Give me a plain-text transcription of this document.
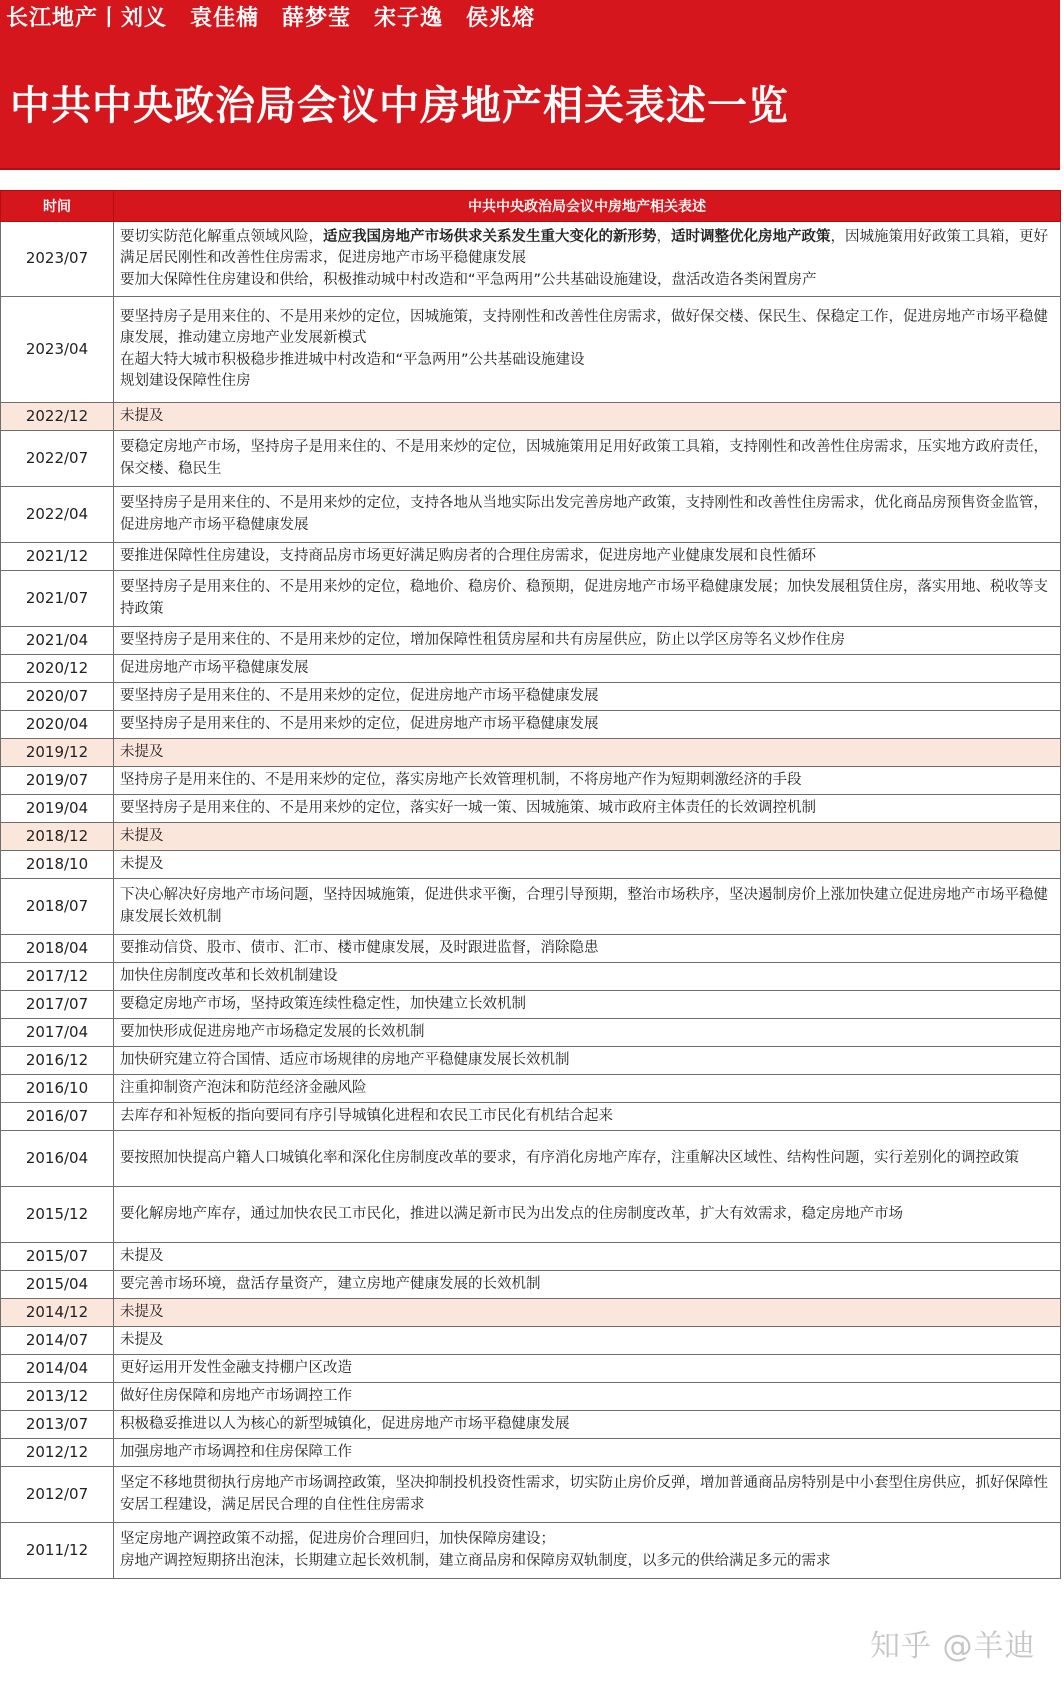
长江地产丨刘义　袁佳楠　薛梦莹　宋子逸　侯兆熔
中共中央政治局会议中房地产相关表述一览
时间	中共中央政治局会议中房地产相关表述
2023/07	要切实防范化解重点领域风险，适应我国房地产市场供求关系发生重大变化的新形势，适时调整优化房地产政策，因城施策用好政策工具箱，更好满足居民刚性和改善性住房需求，促进房地产市场平稳健康发展
要加大保障性住房建设和供给，积极推动城中村改造和“平急两用”公共基础设施建设，盘活改造各类闲置房产

2023/04	要坚持房子是用来住的、不是用来炒的定位，因城施策，支持刚性和改善性住房需求，做好保交楼、保民生、保稳定工作，促进房地产市场平稳健康发展，推动建立房地产业发展新模式
在超大特大城市积极稳步推进城中村改造和“平急两用”公共基础设施建设
规划建设保障性住房

2022/12	未提及

2022/07	要稳定房地产市场，坚持房子是用来住的、不是用来炒的定位，因城施策用足用好政策工具箱，支持刚性和改善性住房需求，压实地方政府责任，保交楼、稳民生

2022/04	要坚持房子是用来住的、不是用来炒的定位，支持各地从当地实际出发完善房地产政策，支持刚性和改善性住房需求，优化商品房预售资金监管，促进房地产市场平稳健康发展

2021/12	要推进保障性住房建设，支持商品房市场更好满足购房者的合理住房需求，促进房地产业健康发展和良性循环

2021/07	要坚持房子是用来住的、不是用来炒的定位，稳地价、稳房价、稳预期，促进房地产市场平稳健康发展；加快发展租赁住房，落实用地、税收等支持政策

2021/04	要坚持房子是用来住的、不是用来炒的定位，增加保障性租赁房屋和共有房屋供应，防止以学区房等名义炒作住房

2020/12	促进房地产市场平稳健康发展

2020/07	要坚持房子是用来住的、不是用来炒的定位，促进房地产市场平稳健康发展

2020/04	要坚持房子是用来住的、不是用来炒的定位，促进房地产市场平稳健康发展

2019/12	未提及

2019/07	坚持房子是用来住的、不是用来炒的定位，落实房地产长效管理机制，不将房地产作为短期刺激经济的手段

2019/04	要坚持房子是用来住的、不是用来炒的定位，落实好一城一策、因城施策、城市政府主体责任的长效调控机制

2018/12	未提及

2018/10	未提及

2018/07	下决心解决好房地产市场问题，坚持因城施策，促进供求平衡，合理引导预期，整治市场秩序，坚决遏制房价上涨加快建立促进房地产市场平稳健康发展长效机制

2018/04	要推动信贷、股市、债市、汇市、楼市健康发展，及时跟进监督，消除隐患

2017/12	加快住房制度改革和长效机制建设

2017/07	要稳定房地产市场，坚持政策连续性稳定性，加快建立长效机制

2017/04	要加快形成促进房地产市场稳定发展的长效机制

2016/12	加快研究建立符合国情、适应市场规律的房地产平稳健康发展长效机制

2016/10	注重抑制资产泡沫和防范经济金融风险

2016/07	去库存和补短板的指向要同有序引导城镇化进程和农民工市民化有机结合起来

2016/04	要按照加快提高户籍人口城镇化率和深化住房制度改革的要求，有序消化房地产库存，注重解决区域性、结构性问题，实行差别化的调控政策

2015/12	要化解房地产库存，通过加快农民工市民化，推进以满足新市民为出发点的住房制度改革，扩大有效需求，稳定房地产市场

2015/07	未提及

2015/04	要完善市场环境，盘活存量资产，建立房地产健康发展的长效机制

2014/12	未提及

2014/07	未提及

2014/04	更好运用开发性金融支持棚户区改造

2013/12	做好住房保障和房地产市场调控工作

2013/07	积极稳妥推进以人为核心的新型城镇化，促进房地产市场平稳健康发展

2012/12	加强房地产市场调控和住房保障工作

2012/07	坚定不移地贯彻执行房地产市场调控政策，坚决抑制投机投资性需求，切实防止房价反弹，增加普通商品房特别是中小套型住房供应，抓好保障性安居工程建设，满足居民合理的自住性住房需求

2011/12	坚定房地产调控政策不动摇，促进房价合理回归，加快保障房建设；
房地产调控短期挤出泡沫，长期建立起长效机制，建立商品房和保障房双轨制度，以多元的供给满足多元的需求
知乎 @羊迪
